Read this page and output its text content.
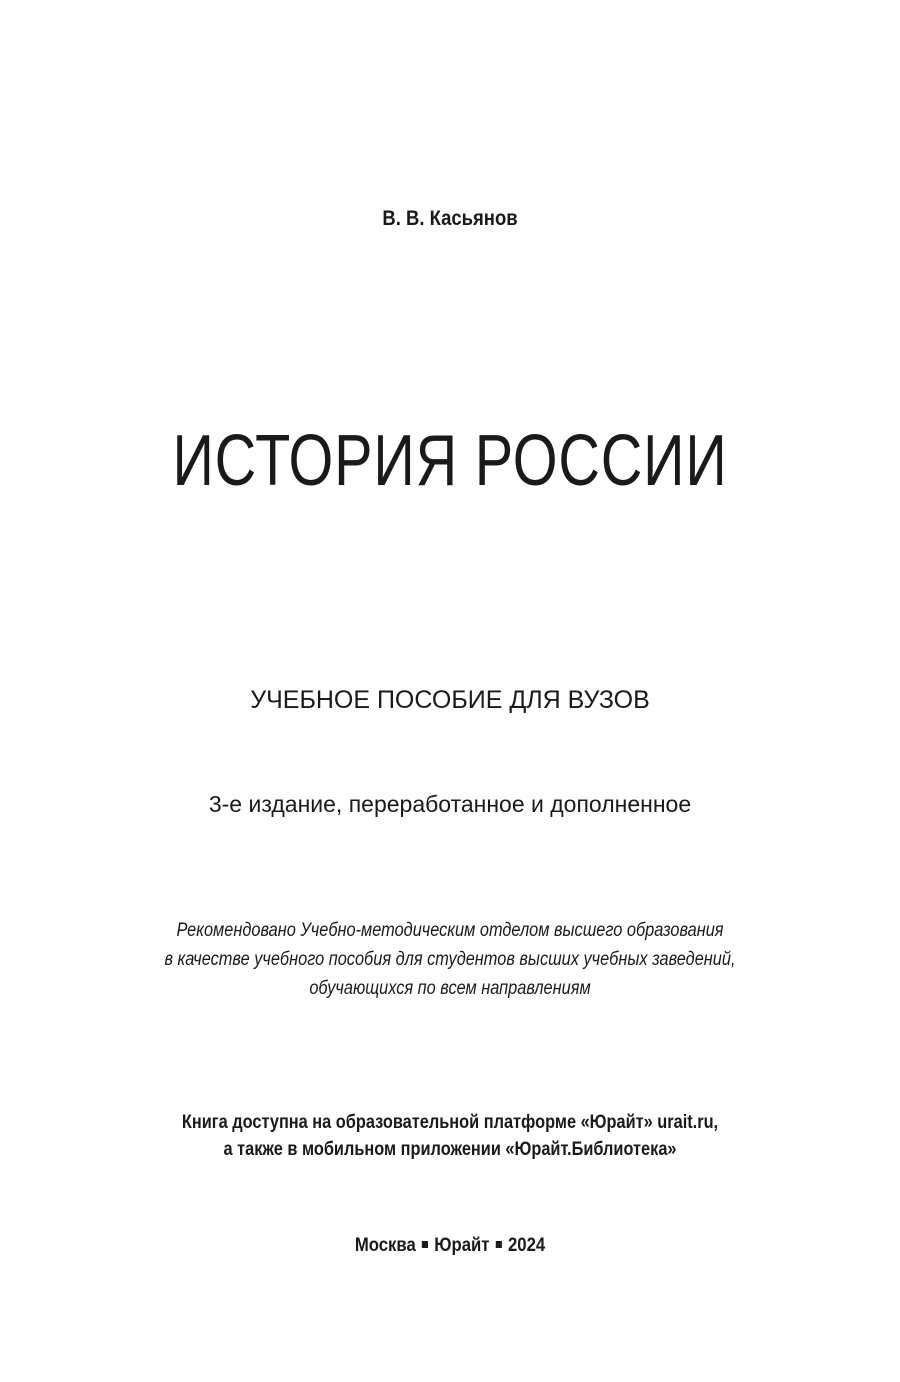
В. В. Касьянов
ИСТОРИЯ РОССИИ
УЧЕБНОЕ ПОСОБИЕ ДЛЯ ВУЗОВ
3-е издание, переработанное и дополненное
Рекомендовано Учебно-методическим отделом высшего образования
в качестве учебного пособия для студентов высших учебных заведений,
обучающихся по всем направлениям
Книга доступна на образовательной платформе «Юрайт» urait.ru,
а также в мобильном приложении «Юрайт.Библиотека»
Москва Юрайт 2024
